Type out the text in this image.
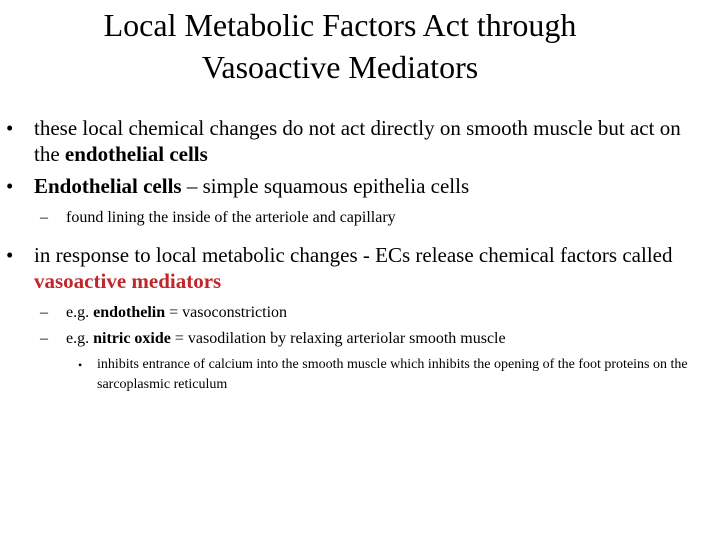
Local Metabolic Factors Act through
Vasoactive Mediators
• these local chemical changes do not act directly on smooth muscle but act on the endothelial cells
• Endothelial cells – simple squamous epithelia cells
– found lining the inside of the arteriole and capillary
• in response to local metabolic changes - ECs release chemical factors called vasoactive mediators
– e.g. endothelin = vasoconstriction
– e.g. nitric oxide = vasodilation by relaxing arteriolar smooth muscle
• inhibits entrance of calcium into the smooth muscle which inhibits the opening of the foot proteins on the sarcoplasmic reticulum
